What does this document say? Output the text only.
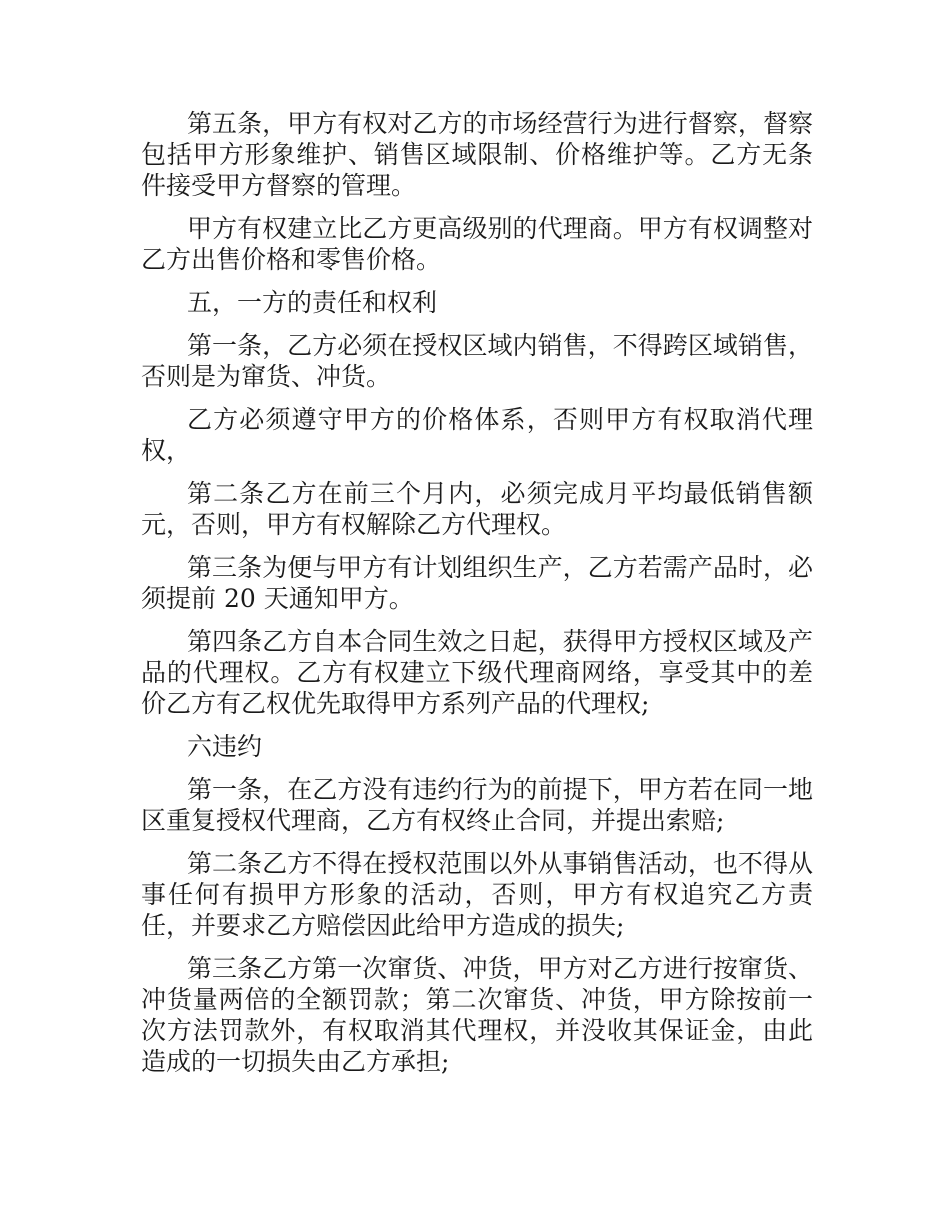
第五条，甲方有权对乙方的市场经营行为进行督察，督察包括甲方形象维护、销售区域限制、价格维护等。乙方无条件接受甲方督察的管理。

甲方有权建立比乙方更高级别的代理商。甲方有权调整对乙方出售价格和零售价格。

五，一方的责任和权利

第一条，乙方必须在授权区域内销售，不得跨区域销售，否则是为窜货、冲货。

乙方必须遵守甲方的价格体系，否则甲方有权取消代理权，

第二条乙方在前三个月内，必须完成月平均最低销售额元，否则，甲方有权解除乙方代理权。

第三条为便与甲方有计划组织生产，乙方若需产品时，必须提前 20 天通知甲方。

第四条乙方自本合同生效之日起，获得甲方授权区域及产品的代理权。乙方有权建立下级代理商网络，享受其中的差价乙方有乙权优先取得甲方系列产品的代理权;

六违约

第一条，在乙方没有违约行为的前提下，甲方若在同一地区重复授权代理商，乙方有权终止合同，并提出索赔;

第二条乙方不得在授权范围以外从事销售活动，也不得从事任何有损甲方形象的活动，否则，甲方有权追究乙方责任，并要求乙方赔偿因此给甲方造成的损失;

第三条乙方第一次窜货、冲货，甲方对乙方进行按窜货、冲货量两倍的全额罚款；第二次窜货、冲货，甲方除按前一次方法罚款外，有权取消其代理权，并没收其保证金，由此造成的一切损失由乙方承担;
